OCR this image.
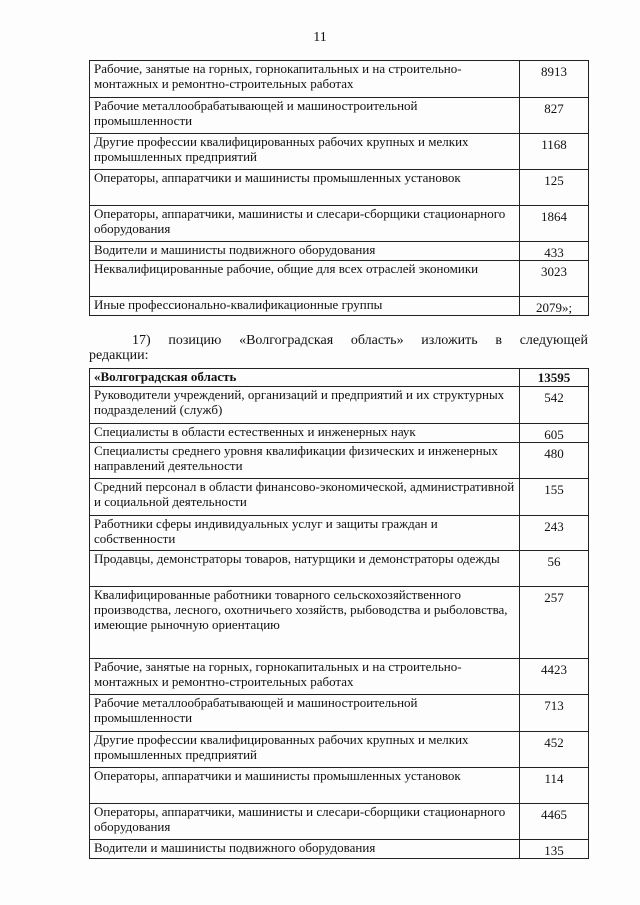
11
Рабочие, занятые на горных, горнокапитальных и на строительно-монтажных и ремонтно-строительных работах	8913
Рабочие металлообрабатывающей и машиностроительной промышленности	827
Другие профессии квалифицированных рабочих крупных и мелких промышленных предприятий	1168
Операторы, аппаратчики и машинисты промышленных установок	125
Операторы, аппаратчики, машинисты и слесари-сборщики стационарного оборудования	1864
Водители и машинисты подвижного оборудования	433
Неквалифицированные рабочие, общие для всех отраслей экономики	3023
Иные профессионально-квалификационные группы	2079»;
17) позицию «Волгоградская область» изложить в следующей
редакции:
«Волгоградская область	13595
Руководители учреждений, организаций и предприятий и их структурных подразделений (служб)	542
Специалисты в области естественных и инженерных наук	605
Специалисты среднего уровня квалификации физических и инженерных направлений деятельности	480
Средний персонал в области финансово-экономической, административной и социальной деятельности	155
Работники сферы индивидуальных услуг и защиты граждан и собственности	243
Продавцы, демонстраторы товаров, натурщики и демонстраторы одежды	56
Квалифицированные работники товарного сельскохозяйственного производства, лесного, охотничьего хозяйств, рыбоводства и рыболовства, имеющие рыночную ориентацию	257
Рабочие, занятые на горных, горнокапитальных и на строительно-монтажных и ремонтно-строительных работах	4423
Рабочие металлообрабатывающей и машиностроительной промышленности	713
Другие профессии квалифицированных рабочих крупных и мелких промышленных предприятий	452
Операторы, аппаратчики и машинисты промышленных установок	114
Операторы, аппаратчики, машинисты и слесари-сборщики стационарного оборудования	4465
Водители и машинисты подвижного оборудования	135
